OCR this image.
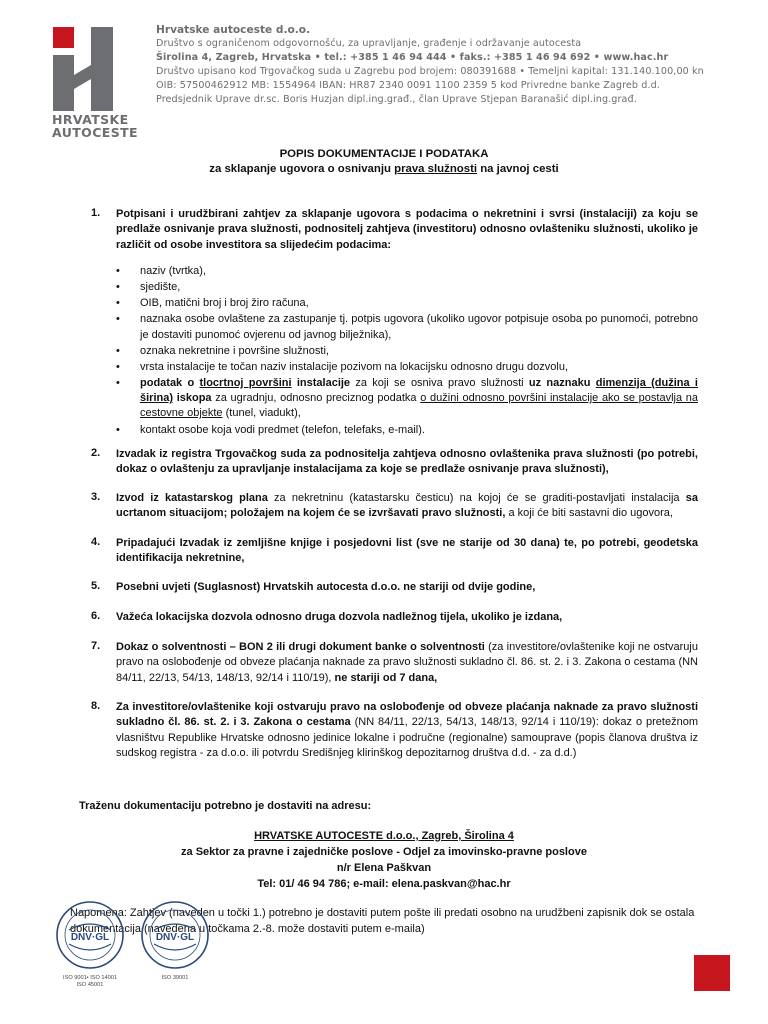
HRVATSKE
AUTOCESTE
Hrvatske autoceste d.o.o.
Društvo s ograničenom odgovornošću, za upravljanje, građenje i održavanje autocesta
Širolina 4, Zagreb, Hrvatska • tel.: +385 1 46 94 444 • faks.: +385 1 46 94 692 • www.hac.hr
Društvo upisano kod Trgovačkog suda u Zagrebu pod brojem: 080391688 • Temeljni kapital: 131.140.100,00 kn
OIB: 57500462912 MB: 1554964 IBAN: HR87 2340 0091 1100 2359 5 kod Privredne banke Zagreb d.d.
Predsjednik Uprave dr.sc. Boris Huzjan dipl.ing.građ., član Uprave Stjepan Baranašić dipl.ing.građ.
POPIS DOKUMENTACIJE I PODATAKA
za sklapanje ugovora o osnivanju prava služnosti na javnoj cesti
1. Potpisani i urudžbirani zahtjev za sklapanje ugovora s podacima o nekretnini i svrsi (instalaciji) za koju se predlaže osnivanje prava služnosti, podnositelj zahtjeva (investitoru) odnosno ovlašteniku služnosti, ukoliko je različit od osobe investitora sa slijedećim podacima:
• naziv (tvrtka),
• sjedište,
• OIB, matični broj i broj žiro računa,
• naznaka osobe ovlaštene za zastupanje tj. potpis ugovora (ukoliko ugovor potpisuje osoba po punomoći, potrebno je dostaviti punomoć ovjerenu od javnog bilježnika),
• oznaka nekretnine i površine služnosti,
• vrsta instalacije te točan naziv instalacije pozivom na lokacijsku odnosno drugu dozvolu,
• podatak o tlocrtnoj površini instalacije za koji se osniva pravo služnosti uz naznaku dimenzija (dužina i širina) iskopa za ugradnju, odnosno preciznog podatka o dužini odnosno površini instalacije ako se postavlja na cestovne objekte (tunel, viadukt),
• kontakt osobe koja vodi predmet (telefon, telefaks, e-mail).
2. Izvadak iz registra Trgovačkog suda za podnositelja zahtjeva odnosno ovlaštenika prava služnosti (po potrebi, dokaz o ovlaštenju za upravljanje instalacijama za koje se predlaže osnivanje prava služnosti),
3. Izvod iz katastarskog plana za nekretninu (katastarsku česticu) na kojoj će se graditi-postavljati instalacija sa ucrtanom situacijom; položajem na kojem će se izvršavati pravo služnosti, a koji će biti sastavni dio ugovora,
4. Pripadajući Izvadak iz zemljišne knjige i posjedovni list (sve ne starije od 30 dana) te, po potrebi, geodetska identifikacija nekretnine,
5. Posebni uvjeti (Suglasnost) Hrvatskih autocesta d.o.o. ne stariji od dvije godine,
6. Važeća lokacijska dozvola odnosno druga dozvola nadležnog tijela, ukoliko je izdana,
7. Dokaz o solventnosti – BON 2 ili drugi dokument banke o solventnosti (za investitore/ovlaštenike koji ne ostvaruju pravo na oslobođenje od obveze plaćanja naknade za pravo služnosti sukladno čl. 86. st. 2. i 3. Zakona o cestama (NN 84/11, 22/13, 54/13, 148/13, 92/14 i 110/19), ne stariji od 7 dana,
8. Za investitore/ovlaštenike koji ostvaruju pravo na oslobođenje od obveze plaćanja naknade za pravo služnosti sukladno čl. 86. st. 2. i 3. Zakona o cestama (NN 84/11, 22/13, 54/13, 148/13, 92/14 i 110/19): dokaz o pretežnom vlasništvu Republike Hrvatske odnosno jedinice lokalne i područne (regionalne) samouprave (popis članova društva iz sudskog registra - za d.o.o. ili potvrdu Središnjeg klirinškog depozitarnog društva d.d. - za d.d.)
Traženu dokumentaciju potrebno je dostaviti na adresu:
HRVATSKE AUTOCESTE d.o.o., Zagreb, Širolina 4
za Sektor za pravne i zajedničke poslove - Odjel za imovinsko-pravne poslove
n/r Elena Paškvan
Tel: 01/ 46 94 786; e-mail: elena.paskvan@hac.hr
Napomena: Zahtjev (naveden u točki 1.) potrebno je dostaviti putem pošte ili predati osobno na urudžbeni zapisnik dok se ostala dokumentacija (navedena u točkama 2.-8. može dostaviti putem e-maila)
DNV·GL
ISO 9001• ISO 14001
ISO 45001
DNV·GL
ISO 39001
